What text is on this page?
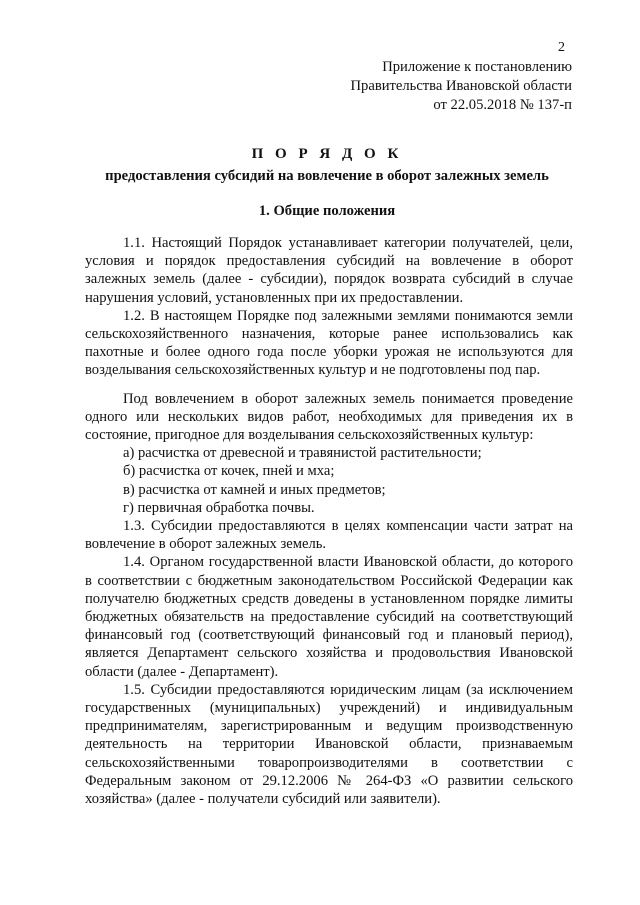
2
Приложение к постановлению
Правительства Ивановской области
от 22.05.2018 № 137-п
П О Р Я Д О К
предоставления субсидий на вовлечение в оборот залежных земель
1. Общие положения

1.1. Настоящий Порядок устанавливает категории получателей, цели, условия и порядок предоставления субсидий на вовлечение в оборот залежных земель (далее - субсидии), порядок возврата субсидий в случае нарушения условий, установленных при их предоставлении.

1.2. В настоящем Порядке под залежными землями понимаются земли сельскохозяйственного назначения, которые ранее использовались как пахотные и более одного года после уборки урожая не используются для возделывания сельскохозяйственных культур и не подготовлены под пар.

Под вовлечением в оборот залежных земель понимается проведение одного или нескольких видов работ, необходимых для приведения их в состояние, пригодное для возделывания сельскохозяйственных культур:

а) расчистка от древесной и травянистой растительности;

б) расчистка от кочек, пней и мха;

в) расчистка от камней и иных предметов;

г) первичная обработка почвы.

1.3. Субсидии предоставляются в целях компенсации части затрат на вовлечение в оборот залежных земель.

1.4. Органом государственной власти Ивановской области, до которого в соответствии с бюджетным законодательством Российской Федерации как получателю бюджетных средств доведены в установленном порядке лимиты бюджетных обязательств на предоставление субсидий на соответствующий финансовый год (соответствующий финансовый год и плановый период), является Департамент сельского хозяйства и продовольствия Ивановской области (далее - Департамент).

1.5. Субсидии предоставляются юридическим лицам (за исключением государственных (муниципальных) учреждений) и индивидуальным предпринимателям, зарегистрированным и ведущим производственную деятельность на территории Ивановской области, признаваемым сельскохозяйственными товаропроизводителями в соответствии с Федеральным законом от 29.12.2006 № 264-ФЗ «О развитии сельского хозяйства» (далее - получатели субсидий или заявители).
